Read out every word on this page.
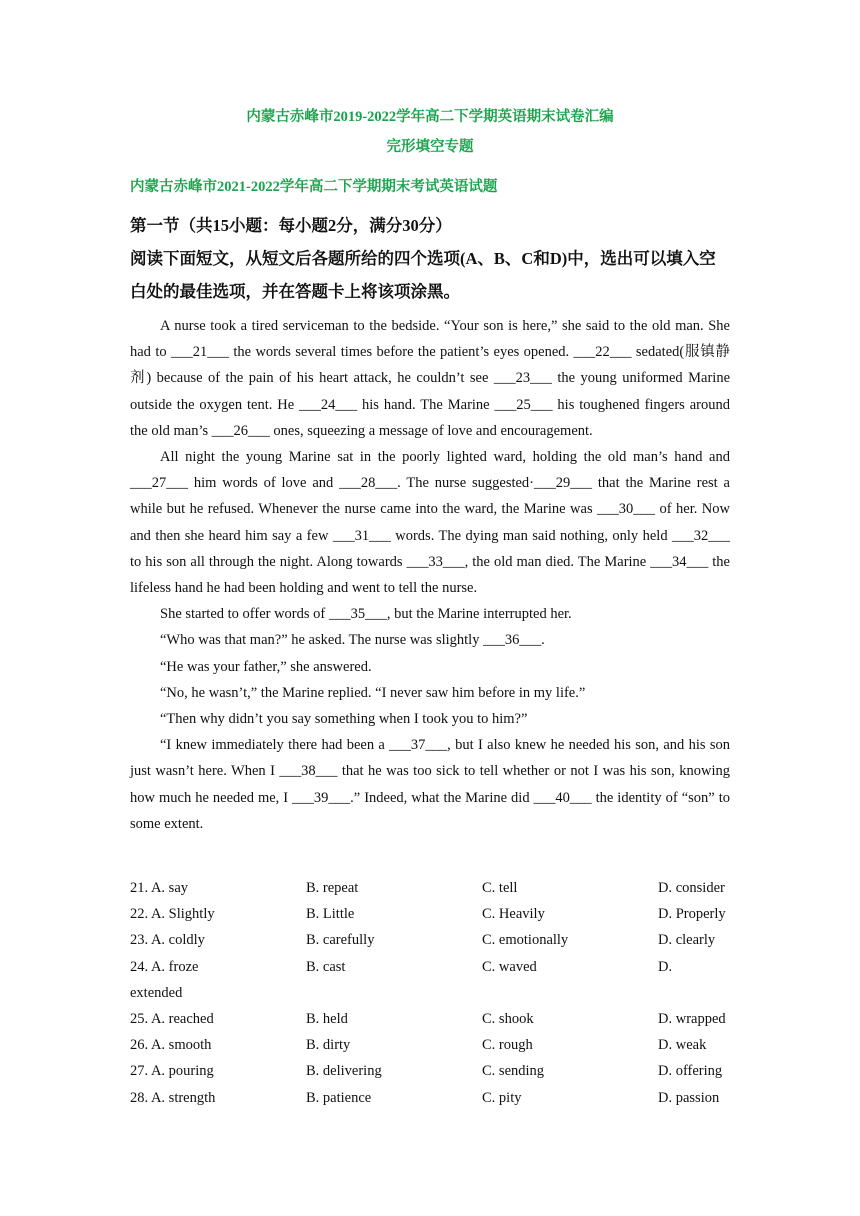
内蒙古赤峰市2019-2022学年高二下学期英语期末试卷汇编
完形填空专题
内蒙古赤峰市2021-2022学年高二下学期期末考试英语试题
第一节（共15小题：每小题2分，满分30分）
阅读下面短文，从短文后各题所给的四个选项(A、B、C和D)中，选出可以填入空白处的最佳选项，并在答题卡上将该项涂黑。

A nurse took a tired serviceman to the bedside. “Your son is here,” she said to the old man. She had to ___21___ the words several times before the patient’s eyes opened. ___22___ sedated(服镇静剂) because of the pain of his heart attack, he couldn’t see ___23___ the young uniformed Marine outside the oxygen tent. He ___24___ his hand. The Marine ___25___ his toughened fingers around the old man’s ___26___ ones, squeezing a message of love and encouragement.

All night the young Marine sat in the poorly lighted ward, holding the old man’s hand and ___27___ him words of love and ___28___. The nurse suggested·___29___ that the Marine rest a while but he refused. Whenever the nurse came into the ward, the Marine was ___30___ of her. Now and then she heard him say a few ___31___ words. The dying man said nothing, only held ___32___ to his son all through the night. Along towards ___33___, the old man died. The Marine ___34___ the lifeless hand he had been holding and went to tell the nurse.

She started to offer words of ___35___, but the Marine interrupted her.

“Who was that man?” he asked. The nurse was slightly ___36___.

“He was your father,” she answered.

“No, he wasn’t,” the Marine replied. “I never saw him before in my life.”

“Then why didn’t you say something when I took you to him?”

“I knew immediately there had been a ___37___, but I also knew he needed his son, and his son just wasn’t here. When I ___38___ that he was too sick to tell whether or not I was his son, knowing how much he needed me, I ___39___.” Indeed, what the Marine did ___40___ the identity of “son” to some extent.

21. A. say	B. repeat	C. tell	D. consider
22. A. Slightly	B. Little	C. Heavily	D. Properly
23. A. coldly	B. carefully	C. emotionally	D. clearly
24. A. froze	B. cast	C. waved	D.
extended
25. A. reached	B. held	C. shook	D. wrapped
26. A. smooth	B. dirty	C. rough	D. weak
27. A. pouring	B. delivering	C. sending	D. offering
28. A. strength	B. patience	C. pity	D. passion
